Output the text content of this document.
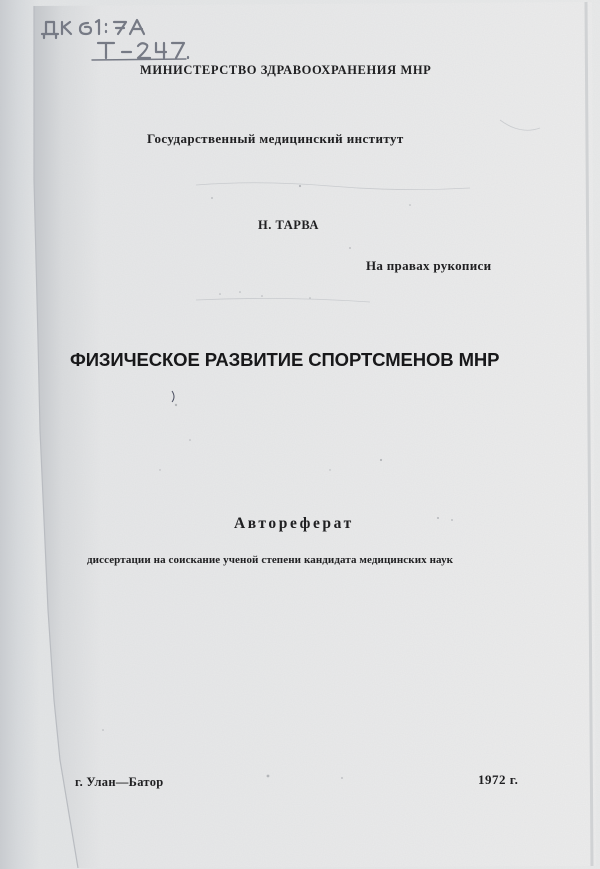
МИНИСТЕРСТВО ЗДРАВООХРАНЕНИЯ МНР

Государственный медицинский институт

Н. ТАРВА

На правах рукописи

ФИЗИЧЕСКОЕ РАЗВИТИЕ СПОРТСМЕНОВ МНР

Автореферат

диссертации на соискание ученой степени кандидата медицинских наук

г. Улан—Батор	1972 г.
